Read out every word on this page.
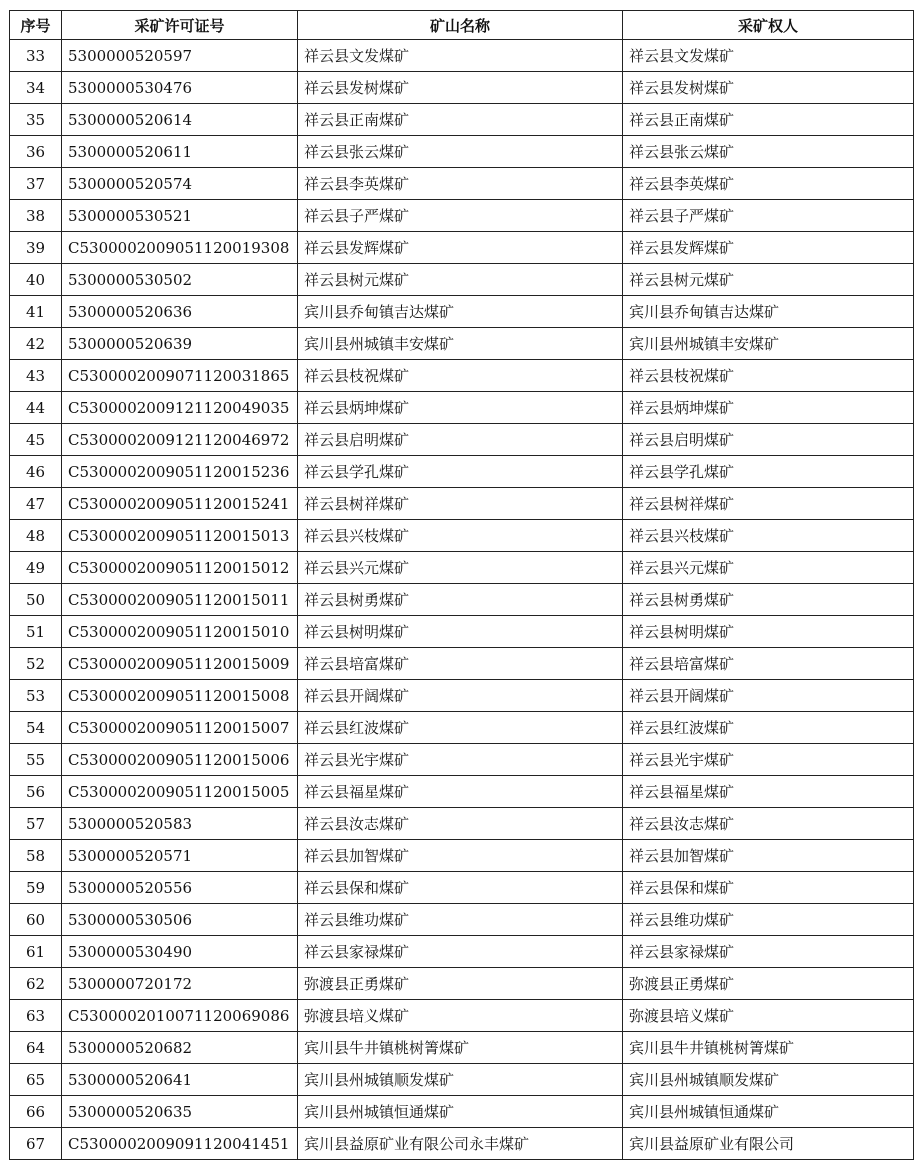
序号	采矿许可证号	矿山名称	采矿权人
33	5300000520597	祥云县文发煤矿	祥云县文发煤矿
34	5300000530476	祥云县发树煤矿	祥云县发树煤矿
35	5300000520614	祥云县正南煤矿	祥云县正南煤矿
36	5300000520611	祥云县张云煤矿	祥云县张云煤矿
37	5300000520574	祥云县李英煤矿	祥云县李英煤矿
38	5300000530521	祥云县子严煤矿	祥云县子严煤矿
39	C5300002009051120019308	祥云县发辉煤矿	祥云县发辉煤矿
40	5300000530502	祥云县树元煤矿	祥云县树元煤矿
41	5300000520636	宾川县乔甸镇吉达煤矿	宾川县乔甸镇吉达煤矿
42	5300000520639	宾川县州城镇丰安煤矿	宾川县州城镇丰安煤矿
43	C5300002009071120031865	祥云县枝祝煤矿	祥云县枝祝煤矿
44	C5300002009121120049035	祥云县炳坤煤矿	祥云县炳坤煤矿
45	C5300002009121120046972	祥云县启明煤矿	祥云县启明煤矿
46	C5300002009051120015236	祥云县学孔煤矿	祥云县学孔煤矿
47	C5300002009051120015241	祥云县树祥煤矿	祥云县树祥煤矿
48	C5300002009051120015013	祥云县兴枝煤矿	祥云县兴枝煤矿
49	C5300002009051120015012	祥云县兴元煤矿	祥云县兴元煤矿
50	C5300002009051120015011	祥云县树勇煤矿	祥云县树勇煤矿
51	C5300002009051120015010	祥云县树明煤矿	祥云县树明煤矿
52	C5300002009051120015009	祥云县培富煤矿	祥云县培富煤矿
53	C5300002009051120015008	祥云县开阔煤矿	祥云县开阔煤矿
54	C5300002009051120015007	祥云县红波煤矿	祥云县红波煤矿
55	C5300002009051120015006	祥云县光宇煤矿	祥云县光宇煤矿
56	C5300002009051120015005	祥云县福星煤矿	祥云县福星煤矿
57	5300000520583	祥云县汝志煤矿	祥云县汝志煤矿
58	5300000520571	祥云县加智煤矿	祥云县加智煤矿
59	5300000520556	祥云县保和煤矿	祥云县保和煤矿
60	5300000530506	祥云县维功煤矿	祥云县维功煤矿
61	5300000530490	祥云县家禄煤矿	祥云县家禄煤矿
62	5300000720172	弥渡县正勇煤矿	弥渡县正勇煤矿
63	C5300002010071120069086	弥渡县培义煤矿	弥渡县培义煤矿
64	5300000520682	宾川县牛井镇桃树箐煤矿	宾川县牛井镇桃树箐煤矿
65	5300000520641	宾川县州城镇顺发煤矿	宾川县州城镇顺发煤矿
66	5300000520635	宾川县州城镇恒通煤矿	宾川县州城镇恒通煤矿
67	C5300002009091120041451	宾川县益原矿业有限公司永丰煤矿	宾川县益原矿业有限公司
